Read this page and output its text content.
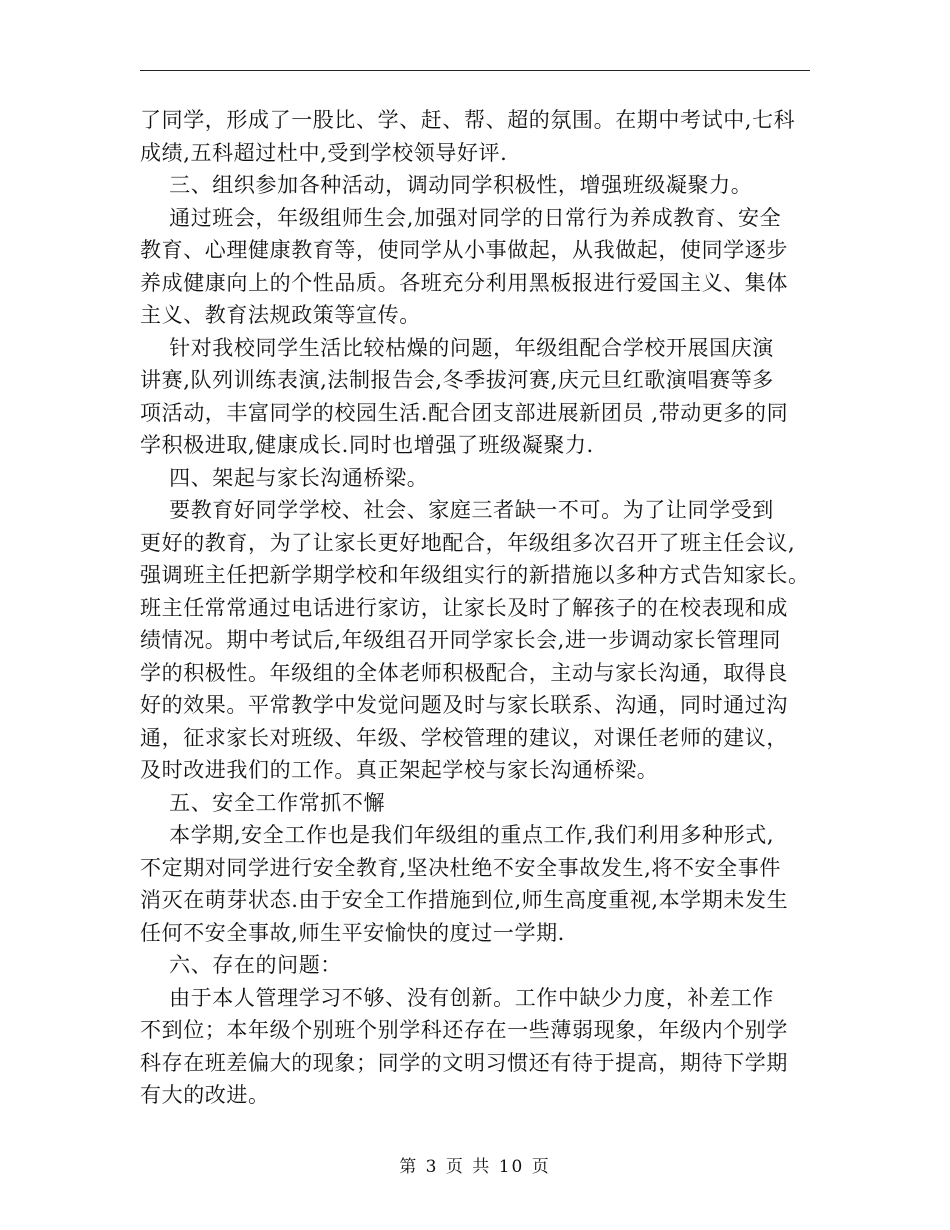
了同学，形成了一股比、学、赶、帮、超的氛围。在期中考试中,七科
成绩,五科超过杜中,受到学校领导好评.
三、组织参加各种活动，调动同学积极性，增强班级凝聚力。
通过班会，年级组师生会,加强对同学的日常行为养成教育、安全
教育、心理健康教育等，使同学从小事做起，从我做起，使同学逐步
养成健康向上的个性品质。各班充分利用黑板报进行爱国主义、集体
主义、教育法规政策等宣传。
针对我校同学生活比较枯燥的问题，年级组配合学校开展国庆演
讲赛,队列训练表演,法制报告会,冬季拔河赛,庆元旦红歌演唱赛等多
项活动，丰富同学的校园生活.配合团支部进展新团员 ,带动更多的同
学积极进取,健康成长.同时也增强了班级凝聚力.
四、架起与家长沟通桥梁。
要教育好同学学校、社会、家庭三者缺一不可。为了让同学受到
更好的教育，为了让家长更好地配合，年级组多次召开了班主任会议,
强调班主任把新学期学校和年级组实行的新措施以多种方式告知家长。
班主任常常通过电话进行家访，让家长及时了解孩子的在校表现和成
绩情况。期中考试后,年级组召开同学家长会,进一步调动家长管理同
学的积极性。年级组的全体老师积极配合，主动与家长沟通，取得良
好的效果。平常教学中发觉问题及时与家长联系、沟通，同时通过沟
通，征求家长对班级、年级、学校管理的建议，对课任老师的建议，
及时改进我们的工作。真正架起学校与家长沟通桥梁。
五、安全工作常抓不懈
本学期,安全工作也是我们年级组的重点工作,我们利用多种形式,
不定期对同学进行安全教育,坚决杜绝不安全事故发生,将不安全事件
消灭在萌芽状态.由于安全工作措施到位,师生高度重视,本学期未发生
任何不安全事故,师生平安愉快的度过一学期.
六、存在的问题：
由于本人管理学习不够、没有创新。工作中缺少力度，补差工作
不到位；本年级个别班个别学科还存在一些薄弱现象，年级内个别学
科存在班差偏大的现象；同学的文明习惯还有待于提高，期待下学期
有大的改进。
第 3 页 共 10 页
